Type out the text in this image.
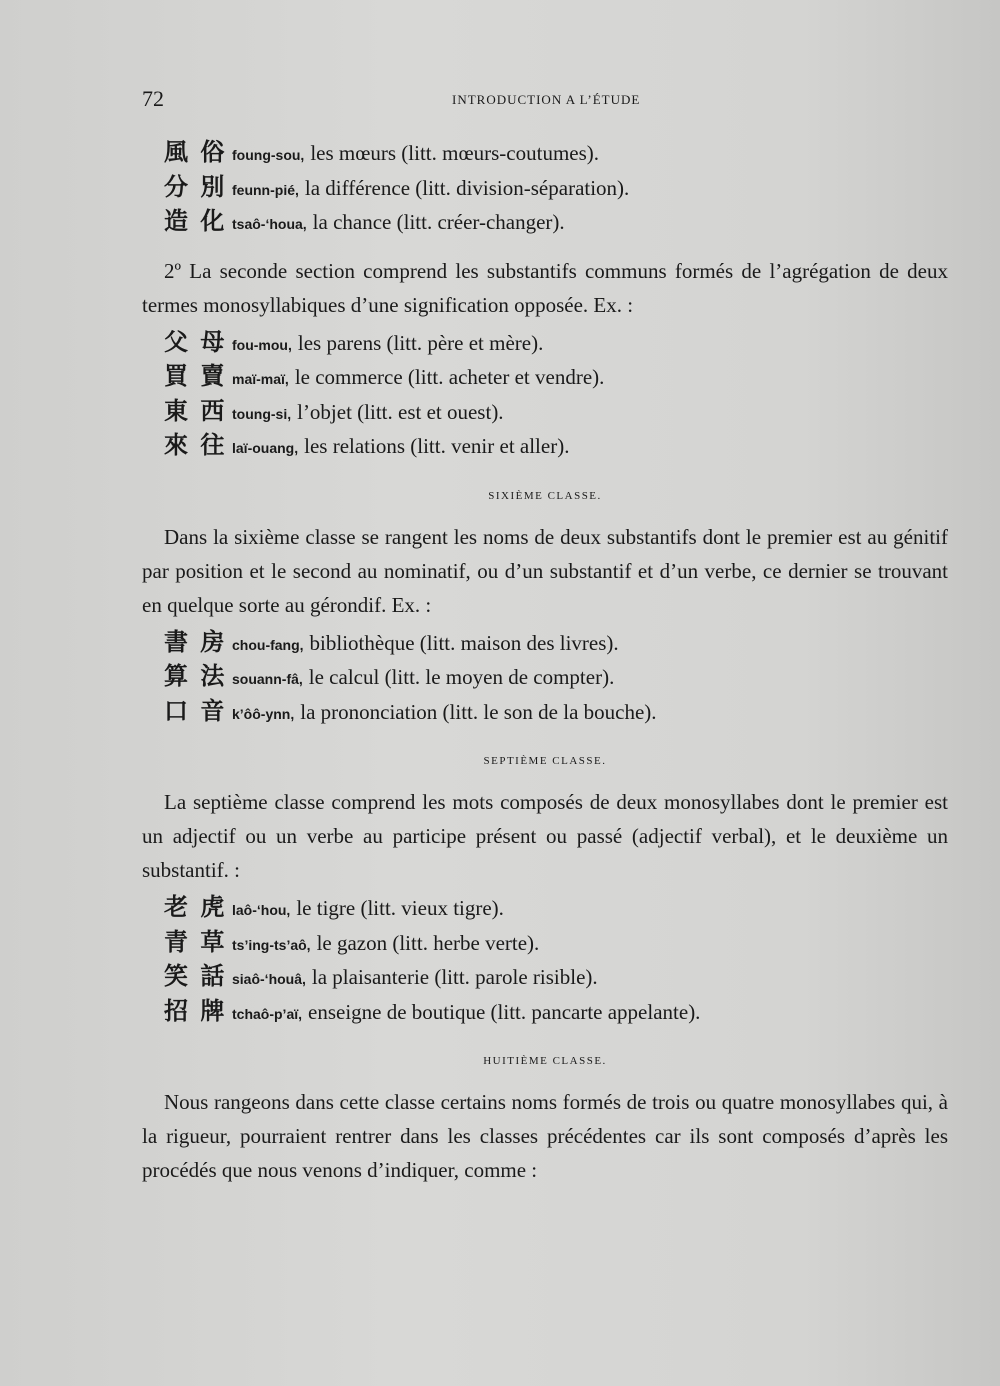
72	INTRODUCTION A L’ÉTUDE
風 俗 foung-sou, les mœurs (litt. mœurs-coutumes).
分 別 feunn-pié, la différence (litt. division-séparation).
造 化 tsaô-‘houa, la chance (litt. créer-changer).

2º La seconde section comprend les substantifs communs formés de l’agrégation de deux termes monosyllabiques d’une signification opposée. Ex. :

父 母 fou-mou, les parens (litt. père et mère).
買 賣 maï-maï, le commerce (litt. acheter et vendre).
東 西 toung-si, l’objet (litt. est et ouest).
來 往 laï-ouang, les relations (litt. venir et aller).

SIXIÈME CLASSE.

Dans la sixième classe se rangent les noms de deux substantifs dont le premier est au génitif par position et le second au nominatif, ou d’un substantif et d’un verbe, ce dernier se trouvant en quelque sorte au gérondif. Ex. :

書 房 chou-fang, bibliothèque (litt. maison des livres).
算 法 souann-fâ, le calcul (litt. le moyen de compter).
口 音 k’ôô-ynn, la prononciation (litt. le son de la bouche).

SEPTIÈME CLASSE.

La septième classe comprend les mots composés de deux monosyllabes dont le premier est un adjectif ou un verbe au participe présent ou passé (adjectif verbal), et le deuxième un substantif. :

老 虎 laô-‘hou, le tigre (litt. vieux tigre).
青 草 ts’ing-ts’aô, le gazon (litt. herbe verte).
笑 話 siaô-‘houâ, la plaisanterie (litt. parole risible).
招 牌 tchaô-p’aï, enseigne de boutique (litt. pancarte appelante).

HUITIÈME CLASSE.

Nous rangeons dans cette classe certains noms formés de trois ou quatre monosyllabes qui, à la rigueur, pourraient rentrer dans les classes précédentes car ils sont composés d’après les procédés que nous venons d’indiquer, comme :
